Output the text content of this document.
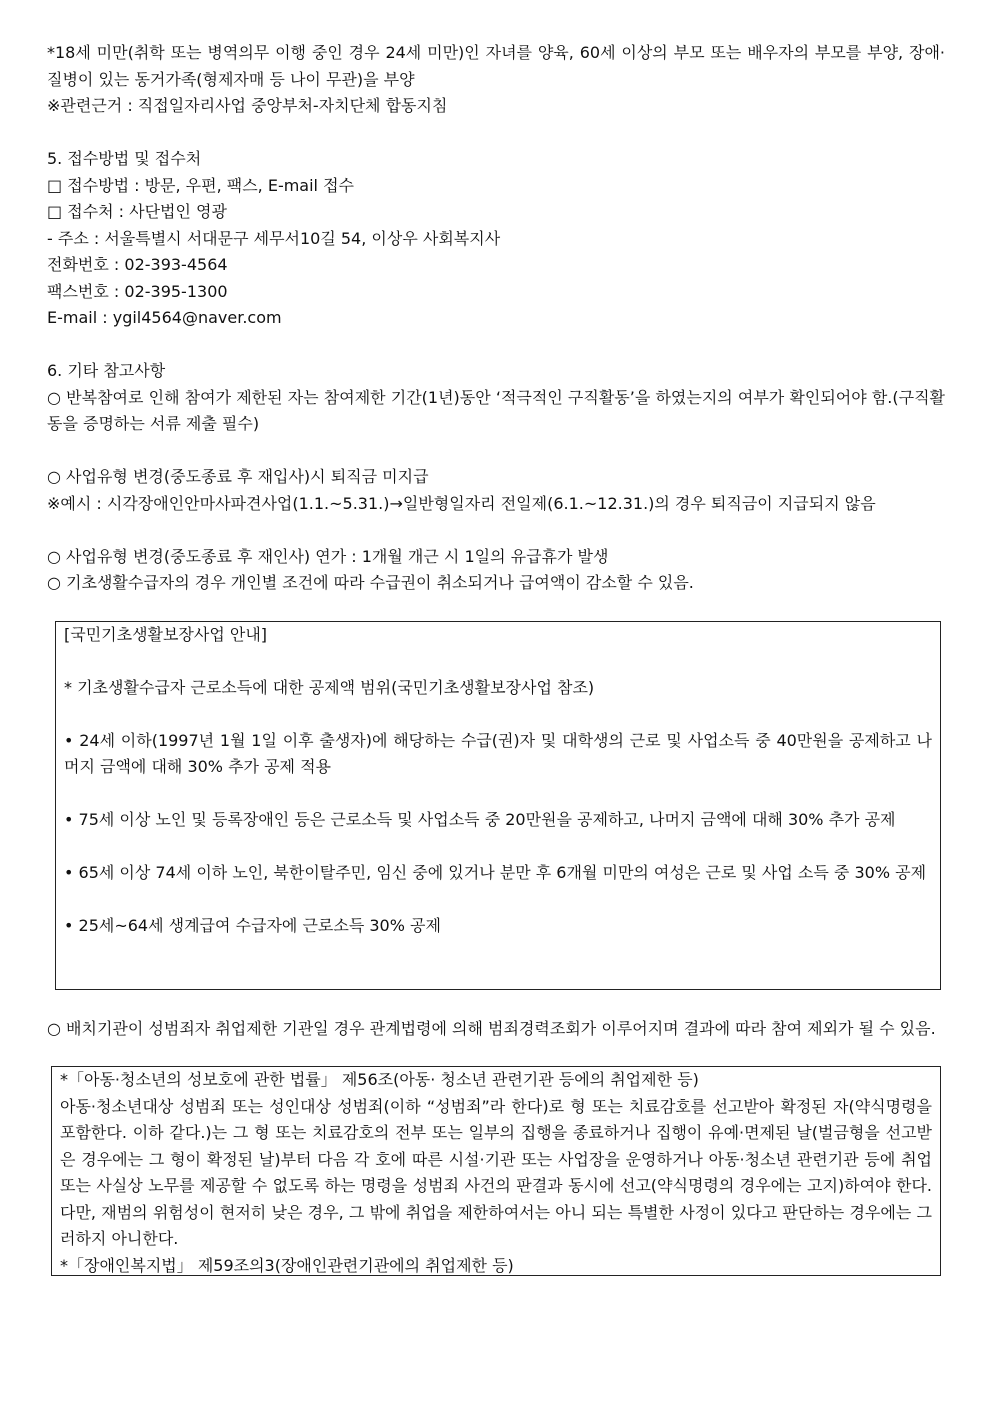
*18세 미만(취학 또는 병역의무 이행 중인 경우 24세 미만)인 자녀를 양육, 60세 이상의 부모 또는 배우자의 부모를 부양, 장애·질병이 있는 동거가족(형제자매 등 나이 무관)을 부양
※관련근거 : 직접일자리사업 중앙부처-자치단체 합동지침
5. 접수방법 및 접수처
□ 접수방법 : 방문, 우편, 팩스, E-mail 접수
□ 접수처 : 사단법인 영광
- 주소 : 서울특별시 서대문구 세무서10길 54, 이상우 사회복지사
전화번호 : 02-393-4564
팩스번호 : 02-395-1300
E-mail : ygil4564@naver.com
6. 기타 참고사항
○ 반복참여로 인해 참여가 제한된 자는 참여제한 기간(1년)동안 ‘적극적인 구직활동’을 하였는지의 여부가 확인되어야 함.(구직활동을 증명하는 서류 제출 필수)
○ 사업유형 변경(중도종료 후 재입사)시 퇴직금 미지급
※예시 : 시각장애인안마사파견사업(1.1.~5.31.)→일반형일자리 전일제(6.1.~12.31.)의 경우 퇴직금이 지급되지 않음
○ 사업유형 변경(중도종료 후 재인사) 연가 : 1개월 개근 시 1일의 유급휴가 발생
○ 기초생활수급자의 경우 개인별 조건에 따라 수급권이 취소되거나 급여액이 감소할 수 있음.
[국민기초생활보장사업 안내]
* 기초생활수급자 근로소득에 대한 공제액 범위(국민기초생활보장사업 참조)
• 24세 이하(1997년 1월 1일 이후 출생자)에 해당하는 수급(권)자 및 대학생의 근로 및 사업소득 중 40만원을 공제하고 나머지 금액에 대해 30% 추가 공제 적용
• 75세 이상 노인 및 등록장애인 등은 근로소득 및 사업소득 중 20만원을 공제하고, 나머지 금액에 대해 30% 추가 공제
• 65세 이상 74세 이하 노인, 북한이탈주민, 임신 중에 있거나 분만 후 6개월 미만의 여성은 근로 및 사업 소득 중 30% 공제
• 25세~64세 생계급여 수급자에 근로소득 30% 공제
○ 배치기관이 성범죄자 취업제한 기관일 경우 관계법령에 의해 범죄경력조회가 이루어지며 결과에 따라 참여 제외가 될 수 있음.
*「아동·청소년의 성보호에 관한 법률」 제56조(아동· 청소년 관련기관 등에의 취업제한 등)
아동·청소년대상 성범죄 또는 성인대상 성범죄(이하 “성범죄”라 한다)로 형 또는 치료감호를 선고받아 확정된 자(약식명령을 포함한다. 이하 같다.)는 그 형 또는 치료감호의 전부 또는 일부의 집행을 종료하거나 집행이 유예·면제된 날(벌금형을 선고받은 경우에는 그 형이 확정된 날)부터 다음 각 호에 따른 시설·기관 또는 사업장을 운영하거나 아동·청소년 관련기관 등에 취업 또는 사실상 노무를 제공할 수 없도록 하는 명령을 성범죄 사건의 판결과 동시에 선고(약식명령의 경우에는 고지)하여야 한다. 다만, 재범의 위험성이 현저히 낮은 경우, 그 밖에 취업을 제한하여서는 아니 되는 특별한 사정이 있다고 판단하는 경우에는 그러하지 아니한다.
*「장애인복지법」 제59조의3(장애인관련기관에의 취업제한 등)
